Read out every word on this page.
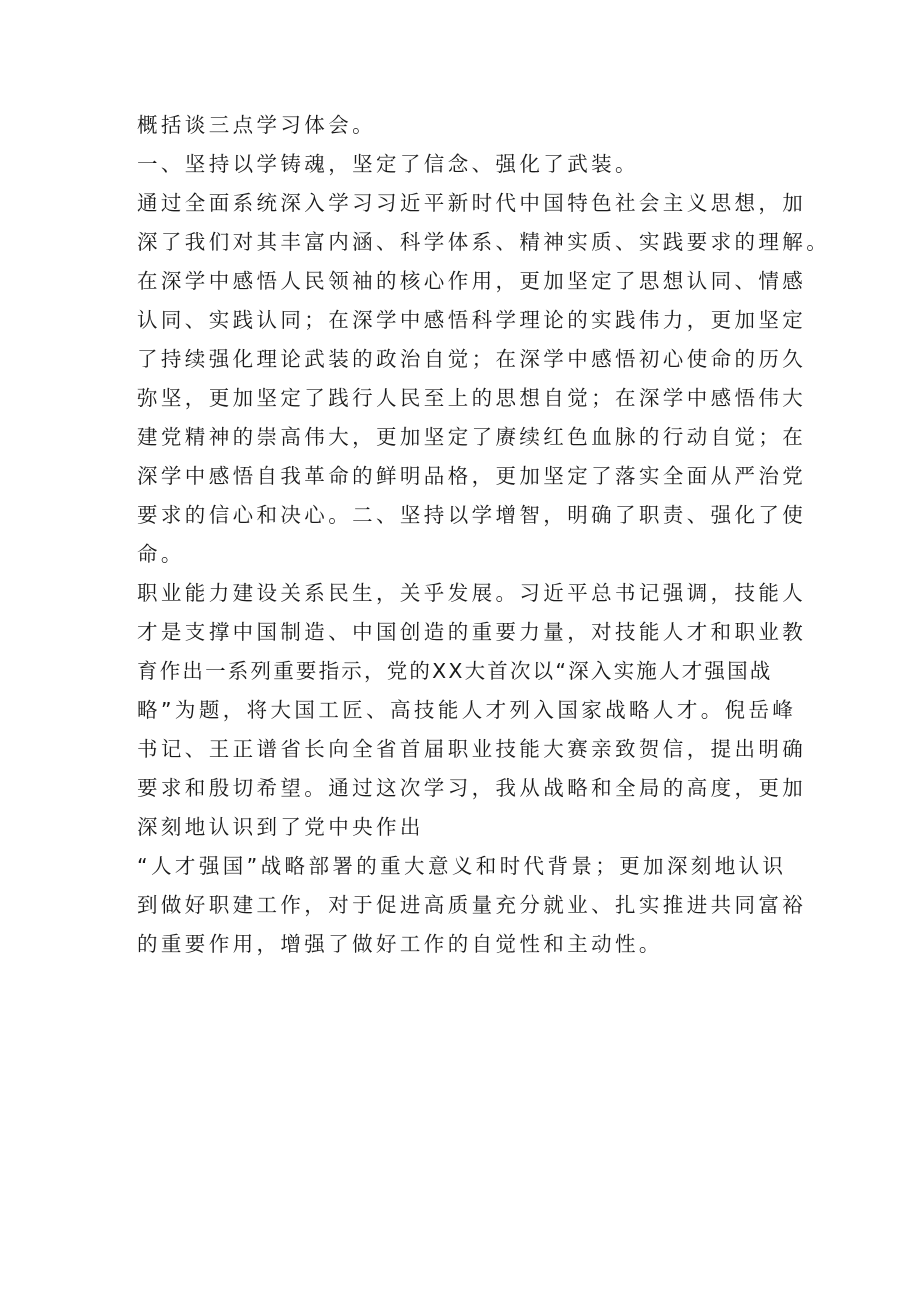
概括谈三点学习体会。
一、坚持以学铸魂，坚定了信念、强化了武装。
通过全面系统深入学习习近平新时代中国特色社会主义思想，加
深了我们对其丰富内涵、科学体系、精神实质、实践要求的理解。
在深学中感悟人民领袖的核心作用，更加坚定了思想认同、情感
认同、实践认同；在深学中感悟科学理论的实践伟力，更加坚定
了持续强化理论武装的政治自觉；在深学中感悟初心使命的历久
弥坚，更加坚定了践行人民至上的思想自觉；在深学中感悟伟大
建党精神的崇高伟大，更加坚定了赓续红色血脉的行动自觉；在
深学中感悟自我革命的鲜明品格，更加坚定了落实全面从严治党
要求的信心和决心。二、坚持以学增智，明确了职责、强化了使
命。
职业能力建设关系民生，关乎发展。习近平总书记强调，技能人
才是支撑中国制造、中国创造的重要力量，对技能人才和职业教
育作出一系列重要指示，党的XX大首次以“深入实施人才强国战
略”为题，将大国工匠、高技能人才列入国家战略人才。倪岳峰
书记、王正谱省长向全省首届职业技能大赛亲致贺信，提出明确
要求和殷切希望。通过这次学习，我从战略和全局的高度，更加
深刻地认识到了党中央作出
“人才强国”战略部署的重大意义和时代背景；更加深刻地认识
到做好职建工作，对于促进高质量充分就业、扎实推进共同富裕
的重要作用，增强了做好工作的自觉性和主动性。
